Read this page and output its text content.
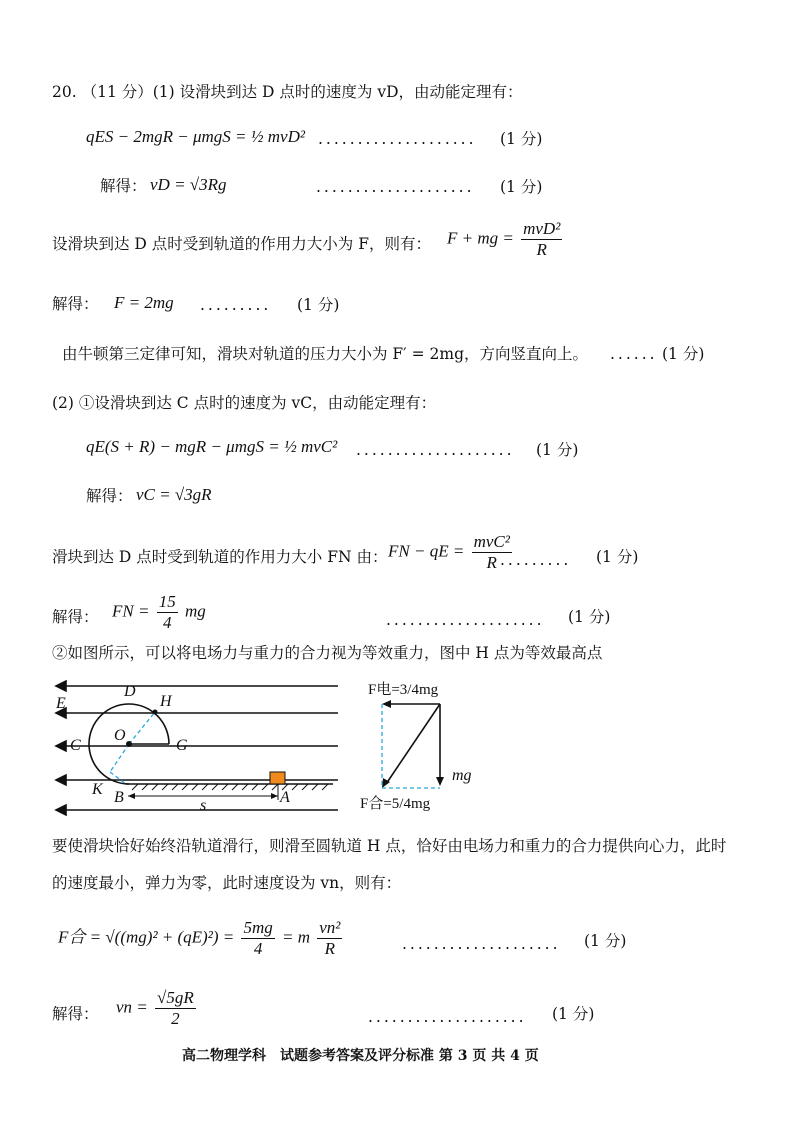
20. （11 分）(1) 设滑块到达 D 点时的速度为 vD，由动能定理有：
qES − 2mgR − μmgS = ½ mvD² .................... (1 分)
解得： vD = √3Rg	.................... (1 分)
设滑块到达 D 点时受到轨道的作用力大小为 F，则有： F + mg = $\frac{\text{mvD²}}{R}$
解得： F = 2mg ......... (1 分)
由牛顿第三定律可知，滑块对轨道的压力大小为 F′ = 2mg，方向竖直向上。 ...... (1 分)
(2) ①设滑块到达 C 点时的速度为 vC，由动能定理有：
qE(S + R) − mgR − μmgS = ½ mvC² .................... (1 分)
解得： vC = √3gR
滑块到达 D 点时受到轨道的作用力大小 FN 由： FN − qE = $\frac{\text{mvC²}}{R}$
......... (1 分)
解得： FN = $\frac{15}{4}$ mg	.................... (1 分)
②如图所示，可以将电场力与重力的合力视为等效重力，图中 H 点为等效最高点
D
H
E
O
C	G
K B	A
s
F电=3/4mg
mg
F合=5/4mg
要使滑块恰好始终沿轨道滑行，则滑至圆轨道 H 点，恰好由电场力和重力的合力提供向心力，此时
的速度最小，弹力为零，此时速度设为 vn，则有：
F合 = $√((mg)^2 + (qE)^2) = \frac{5mg}{4} = m \frac{\text{vn²}}{R}$	.................... (1 分)
解得： vn = $\frac{√5gR}{2}$	.................... (1 分)
高二物理学科　试题参考答案及评分标准 第 3 页 共 4 页
